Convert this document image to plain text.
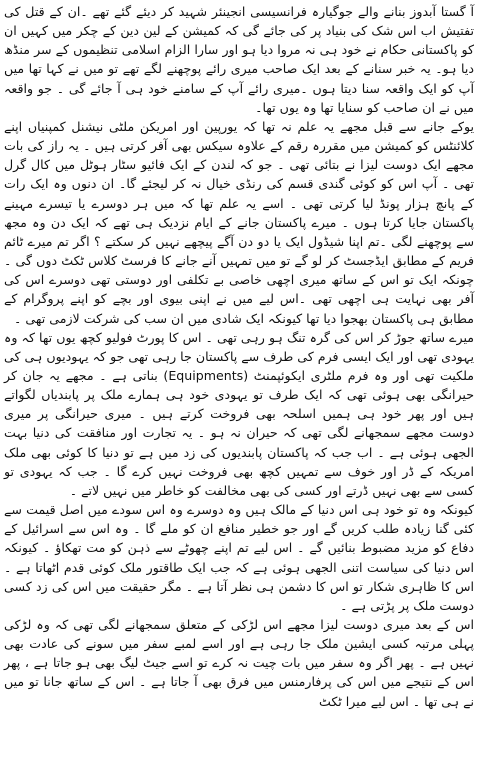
آ گستا آبدوز بنانے والے جوگیارہ فرانسیسی انجینئر شہید کر دیئے گئے تھے ۔ان کے قتل کی تفتیش اب اس شک کی بنیاد پر کی جائے گی کہ کمیشن کے لین دین کے چکر میں کہیں ان کو پاکستانی حکام نے خود ہی نہ مروا دیا ہو اور سارا الزام اسلامی تنظیموں کے سر منڈھ دیا ہو۔ یہ خبر سنانے کے بعد ایک صاحب میری رائے پوچھنے لگے تھے تو میں نے کہا تھا میں آپ کو ایک واقعہ سنا دیتا ہوں ۔میری رائے آپ کے سامنے خود ہی آ جائے گی ۔ جو واقعہ میں نے ان صاحب کو سنایا تھا وہ یوں تھا۔

یوکے جانے سے قبل مجھے یہ علم نہ تھا کہ یورپین اور امریکن ملٹی نیشنل کمپنیاں اپنے کلائنٹس کو کمیشن میں مقررہ رقم کے علاوہ سیکس بھی آفر کرتی ہیں ۔ یہ راز کی بات مجھے ایک دوست لیزا نے بتائی تھی ۔ جو کہ لندن کے ایک فائیو سٹار ہوٹل میں کال گرل تھی ۔ آپ اس کو کوئی گندی قسم کی رنڈی خیال نہ کر لیجئے گا۔ ان دنوں وہ ایک رات کے پانچ ہزار پونڈ لیا کرتی تھی ۔ اسے یہ علم تھا کہ میں ہر دوسرے یا تیسرے مہینے پاکستان جایا کرتا ہوں ۔ میرے پاکستان جانے کے ایام نزدیک ہی تھے کہ ایک دن وہ مجھ سے پوچھنے لگی ۔تم اپنا شیڈول ایک یا دو دن آگے پیچھے نہیں کر سکتے ؟ اگر تم میرے ٹائم فریم کے مطابق ایڈجسٹ کر لو گے تو میں تمہیں آنے جانے کا فرسٹ کلاس ٹکٹ دوں گی ۔ چونکہ ایک تو اس کے ساتھ میری اچھی خاصی بے تکلفی اور دوستی تھی دوسرے اس کی آفر بھی نہایت ہی اچھی تھی ۔اس لیے میں نے اپنی بیوی اور بچے کو اپنے پروگرام کے مطابق ہی پاکستان بھجوا دیا تھا کیونکہ ایک شادی میں ان سب کی شرکت لازمی تھی ۔

میرے ساتھ جوڑ کر اس کی گرہ تنگ ہو رہی تھی ۔ اس کا پورٹ فولیو کچھ یوں تھا کہ وہ یہودی تھی اور ایک ایسی فرم کی طرف سے پاکستان جا رہی تھی جو کہ یہودیوں ہی کی ملکیت تھی اور وہ فرم ملٹری ایکوئپمنٹ (Equipments) بناتی ہے ۔ مجھے یہ جان کر حیرانگی بھی ہوئی تھی کہ ایک طرف تو یہودی خود ہی ہمارے ملک پر پابندیاں لگواتے ہیں اور پھر خود ہی ہمیں اسلحہ بھی فروخت کرتے ہیں ۔ میری حیرانگی پر میری دوست مجھے سمجھانے لگی تھی کہ حیران نہ ہو ۔ یہ تجارت اور منافقت کی دنیا بہت الجھی ہوئی ہے ۔ اب جب کہ پاکستان پابندیوں کی زد میں ہے تو دنیا کا کوئی بھی ملک امریکہ کے ڈر اور خوف سے تمہیں کچھ بھی فروخت نہیں کرے گا ۔ جب کہ یہودی تو کسی سے بھی نہیں ڈرتے اور کسی کی بھی مخالفت کو خاطر میں نہیں لاتے ۔

کیونکہ وہ تو خود ہی اس دنیا کے مالک ہیں وہ دوسرے وہ اس سودے میں اصل قیمت سے کئی گنا زیادہ طلب کریں گے اور جو خطیر منافع ان کو ملے گا ۔ وہ اس سے اسرائیل کے دفاع کو مزید مضبوط بنائیں گے ۔ اس لیے تم اپنے چھوٹے سے ذہن کو مت تھکاؤ ۔ کیونکہ اس دنیا کی سیاست اتنی الجھی ہوئی ہے کہ جب ایک طاقتور ملک کوئی قدم اٹھاتا ہے ۔ اس کا ظاہری شکار تو اس کا دشمن ہی نظر آتا ہے ۔ مگر حقیقت میں اس کی زد کسی دوست ملک پر پڑتی ہے ۔

اس کے بعد میری دوست لیزا مجھے اس لڑکی کے متعلق سمجھانے لگی تھی کہ وہ لڑکی پہلی مرتبہ کسی ایشین ملک جا رہی ہے اور اسے لمبے سفر میں سونے کی عادت بھی نہیں ہے ۔ پھر اگر وہ سفر میں بات چیت نہ کرے تو اسے جیٹ لیگ بھی ہو جاتا ہے ، پھر اس کے نتیجے میں اس کی پرفارمنس میں فرق بھی آ جاتا ہے ۔ اس کے ساتھ جانا تو میں نے ہی تھا ۔ اس لیے میرا ٹکٹ
